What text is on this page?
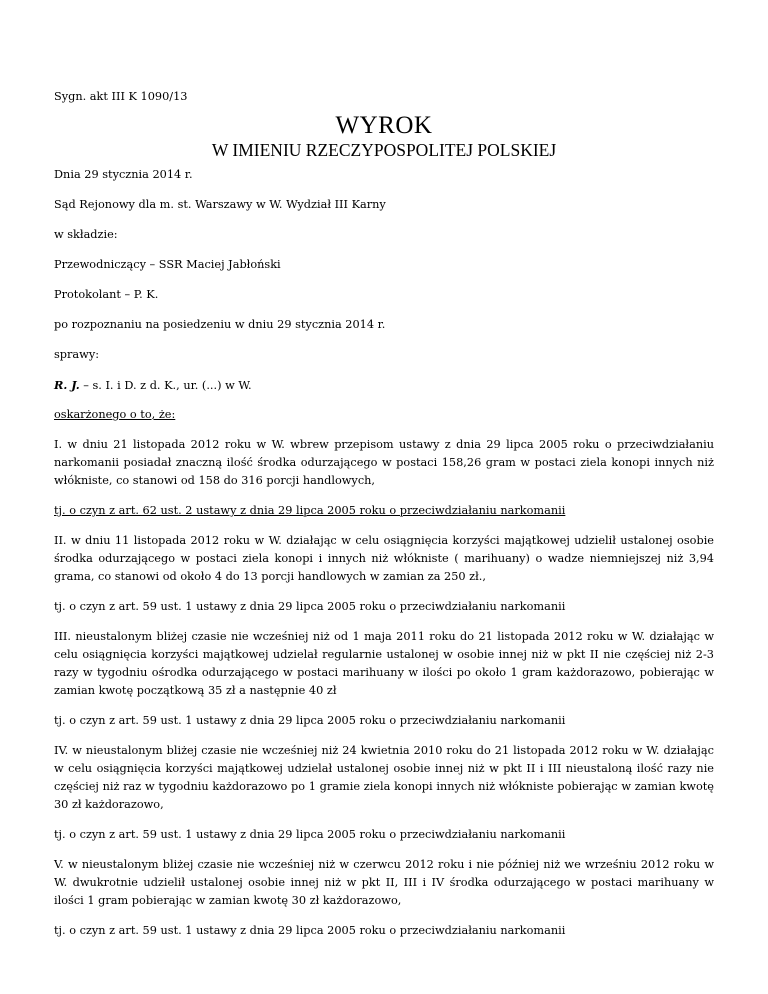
Sygn. akt III K 1090/13

WYROK
W IMIENIU RZECZYPOSPOLITEJ POLSKIEJ

Dnia 29 stycznia 2014 r.

Sąd Rejonowy dla m. st. Warszawy w W. Wydział III Karny

w składzie:

Przewodniczący – SSR Maciej Jabłoński

Protokolant – P. K.

po rozpoznaniu na posiedzeniu w dniu 29 stycznia 2014 r.

sprawy:

R. J. – s. I. i D. z d. K., ur. (...) w W.

oskarżonego o to, że:

I. w dniu 21 listopada 2012 roku w W. wbrew przepisom ustawy z dnia 29 lipca 2005 roku o przeciwdziałaniu narkomanii posiadał znaczną ilość środka odurzającego w postaci 158,26 gram w postaci ziela konopi innych niż włókniste, co stanowi od 158 do 316 porcji handlowych,

tj. o czyn z art. 62 ust. 2 ustawy z dnia 29 lipca 2005 roku o przeciwdziałaniu narkomanii

II. w dniu 11 listopada 2012 roku w W. działając w celu osiągnięcia korzyści majątkowej udzielił ustalonej osobie środka odurzającego w postaci ziela konopi i innych niż włókniste ( marihuany) o wadze niemniejszej niż 3,94 grama, co stanowi od około 4 do 13 porcji handlowych w zamian za 250 zł.,

tj. o czyn z art. 59 ust. 1 ustawy z dnia 29 lipca 2005 roku o przeciwdziałaniu narkomanii

III. nieustalonym bliżej czasie nie wcześniej niż od 1 maja 2011 roku do 21 listopada 2012 roku w W. działając w celu osiągnięcia korzyści majątkowej udzielał regularnie ustalonej w osobie innej niż w pkt II nie częściej niż 2-3 razy w tygodniu ośrodka odurzającego w postaci marihuany w ilości po około 1 gram każdorazowo, pobierając w zamian kwotę początkową 35 zł a następnie 40 zł

tj. o czyn z art. 59 ust. 1 ustawy z dnia 29 lipca 2005 roku o przeciwdziałaniu narkomanii

IV. w nieustalonym bliżej czasie nie wcześniej niż 24 kwietnia 2010 roku do 21 listopada 2012 roku w W. działając w celu osiągnięcia korzyści majątkowej udzielał ustalonej osobie innej niż w pkt II i III nieustaloną ilość razy nie częściej niż raz w tygodniu każdorazowo po 1 gramie ziela konopi innych niż włókniste pobierając w zamian kwotę 30 zł każdorazowo,

tj. o czyn z art. 59 ust. 1 ustawy z dnia 29 lipca 2005 roku o przeciwdziałaniu narkomanii

V. w nieustalonym bliżej czasie nie wcześniej niż w czerwcu 2012 roku i nie później niż we wrześniu 2012 roku w W. dwukrotnie udzielił ustalonej osobie innej niż w pkt II, III i IV środka odurzającego w postaci marihuany w ilości 1 gram pobierając w zamian kwotę 30 zł każdorazowo,

tj. o czyn z art. 59 ust. 1 ustawy z dnia 29 lipca 2005 roku o przeciwdziałaniu narkomanii
